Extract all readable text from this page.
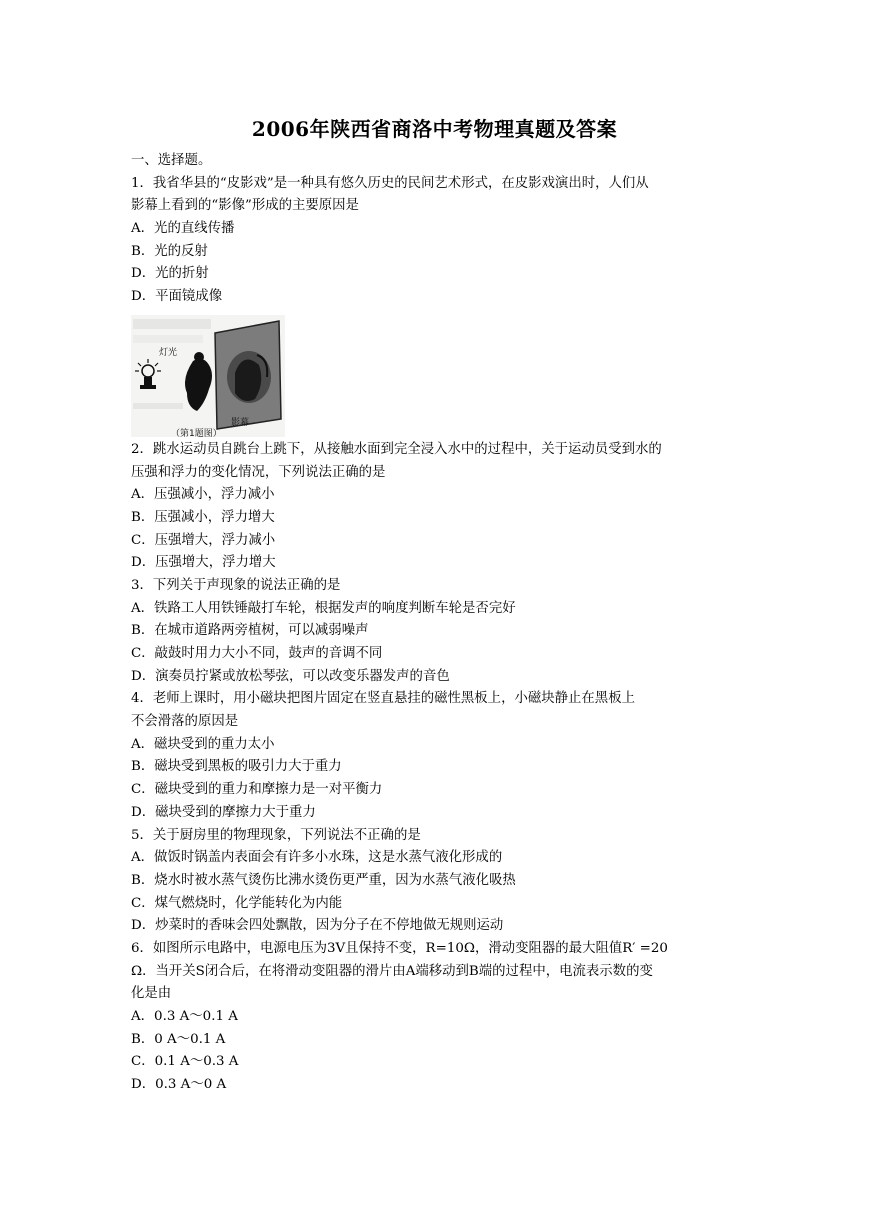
2006年陕西省商洛中考物理真题及答案
一、选择题。
1．我省华县的“皮影戏”是一种具有悠久历史的民间艺术形式，在皮影戏演出时，人们从
影幕上看到的“影像”形成的主要原因是
A．光的直线传播
B．光的反射
D．光的折射
D．平面镜成像
灯光
影幕
（第1题图）
2．跳水运动员自跳台上跳下，从接触水面到完全浸入水中的过程中，关于运动员受到水的
压强和浮力的变化情况，下列说法正确的是
A．压强减小，浮力减小
B．压强减小，浮力增大
C．压强增大，浮力减小
D．压强增大，浮力增大
3．下列关于声现象的说法正确的是
A．铁路工人用铁锤敲打车轮，根据发声的响度判断车轮是否完好
B．在城市道路两旁植树，可以减弱噪声
C．敲鼓时用力大小不同，鼓声的音调不同
D．演奏员拧紧或放松琴弦，可以改变乐器发声的音色
4．老师上课时，用小磁块把图片固定在竖直悬挂的磁性黑板上，小磁块静止在黑板上
不会滑落的原因是
A．磁块受到的重力太小
B．磁块受到黑板的吸引力大于重力
C．磁块受到的重力和摩擦力是一对平衡力
D．磁块受到的摩擦力大于重力
5．关于厨房里的物理现象，下列说法不正确的是
A．做饭时锅盖内表面会有许多小水珠，这是水蒸气液化形成的
B．烧水时被水蒸气烫伤比沸水烫伤更严重，因为水蒸气液化吸热
C．煤气燃烧时，化学能转化为内能
D．炒菜时的香味会四处飘散，因为分子在不停地做无规则运动
6．如图所示电路中，电源电压为3V且保持不变，R=10Ω，滑动变阻器的最大阻值R′ =20
Ω．当开关S闭合后，在将滑动变阻器的滑片由A端移动到B端的过程中，电流表示数的变
化是由
A．0.3 A～0.1 A
B．0 A～0.1 A
C．0.1 A～0.3 A
D．0.3 A～0 A
